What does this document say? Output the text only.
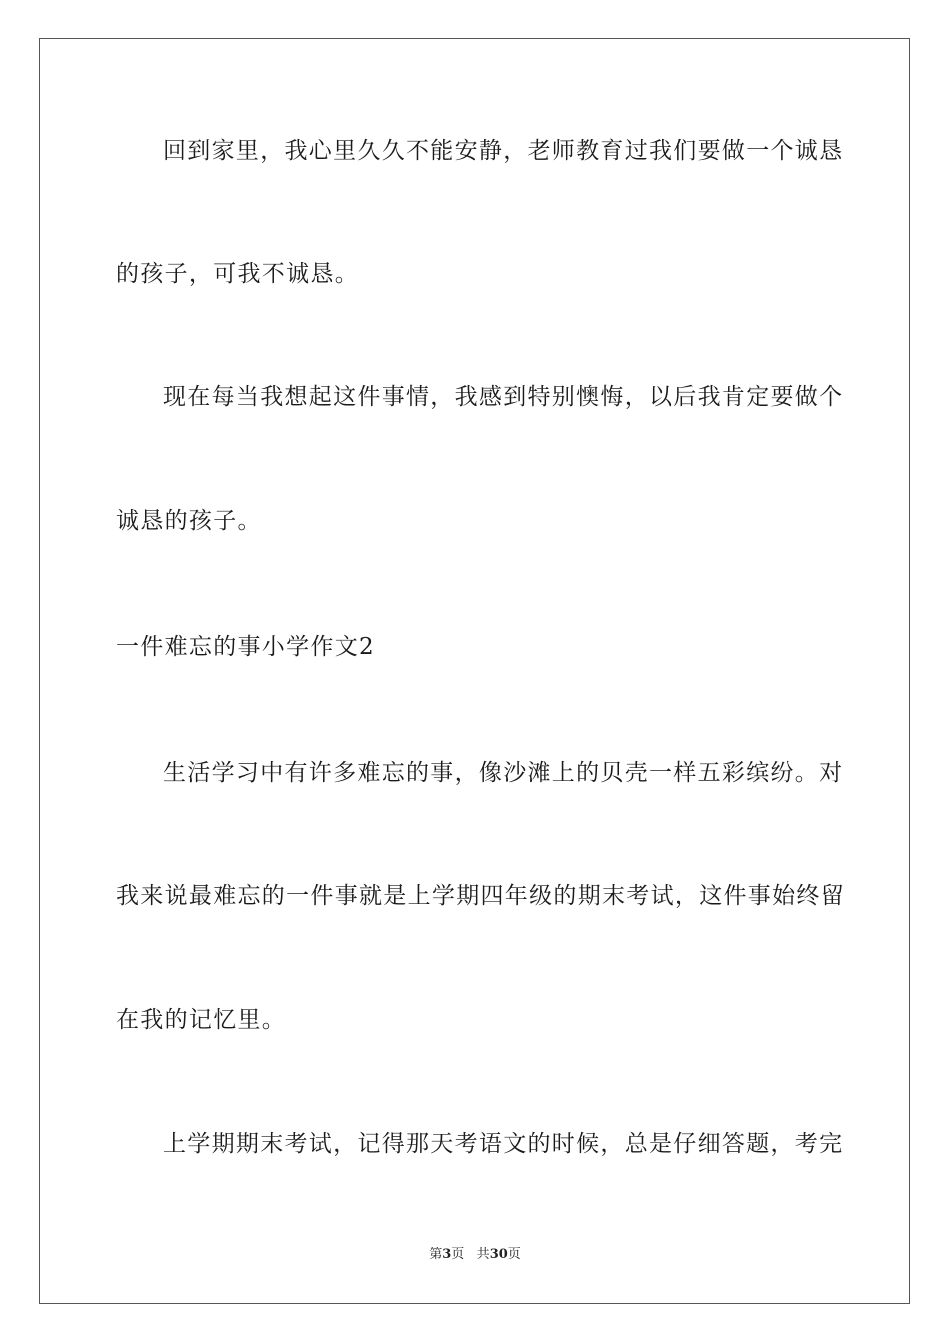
回到家里，我心里久久不能安静，老师教育过我们要做一个诚恳
的孩子，可我不诚恳。
现在每当我想起这件事情，我感到特别懊悔，以后我肯定要做个
诚恳的孩子。
一件难忘的事小学作文2
生活学习中有许多难忘的事，像沙滩上的贝壳一样五彩缤纷。对
我来说最难忘的一件事就是上学期四年级的期末考试，这件事始终留
在我的记忆里。
上学期期末考试，记得那天考语文的时候，总是仔细答题，考完
第3页 共30页
